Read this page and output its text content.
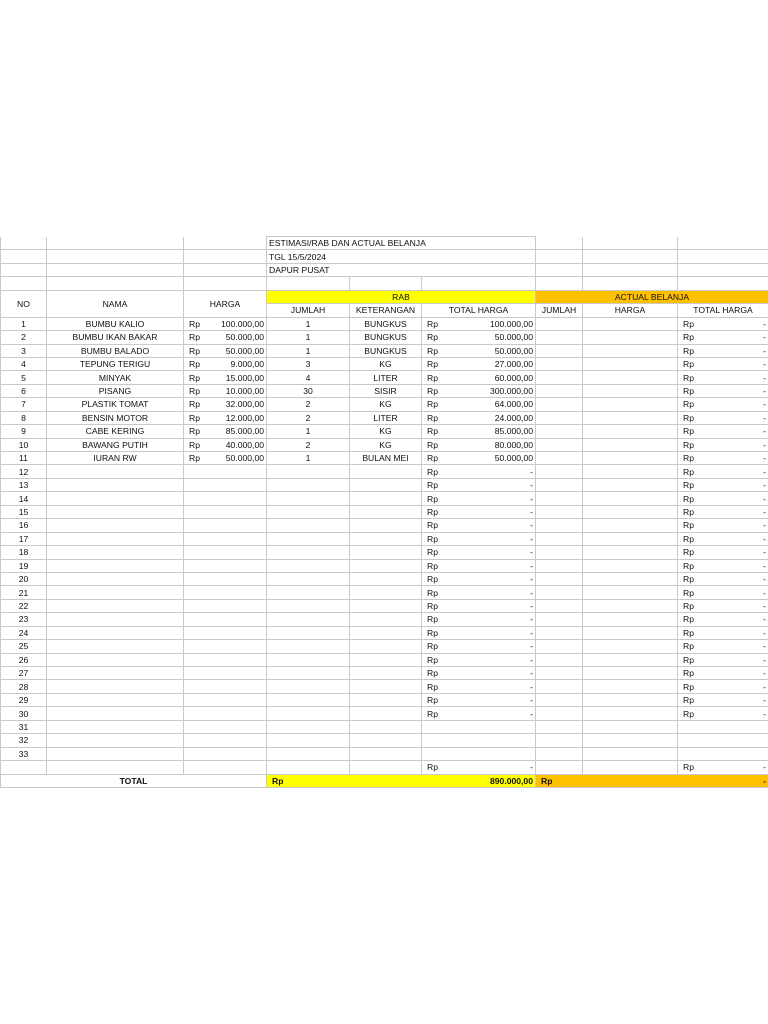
			ESTIMASI/RAB DAN ACTUAL BELANJA					
			TGL 15/5/2024					
			DAPUR PUSAT					

NO	NAMA	HARGA	RAB			ACTUAL BELANJA		
			JUMLAH	KETERANGAN	TOTAL HARGA	JUMLAH	HARGA	TOTAL HARGA
1	BUMBU KALIO	Rp 100.000,00	1	BUNGKUS	Rp 100.000,00			Rp -

2	BUMBU IKAN BAKAR	Rp 50.000,00	1	BUNGKUS	Rp 50.000,00			Rp -

3	BUMBU BALADO	Rp 50.000,00	1	BUNGKUS	Rp 50.000,00			Rp -

4	TEPUNG TERIGU	Rp 9.000,00	3	KG	Rp 27.000,00			Rp -

5	MINYAK	Rp 15.000,00	4	LITER	Rp 60.000,00			Rp -

6	PISANG	Rp 10.000,00	30	SISIR	Rp 300.000,00			Rp -

7	PLASTIK TOMAT	Rp 32.000,00	2	KG	Rp 64.000,00			Rp -

8	BENSIN MOTOR	Rp 12.000,00	2	LITER	Rp 24.000,00			Rp -

9	CABE KERING	Rp 85.000,00	1	KG	Rp 85.000,00			Rp -

10	BAWANG PUTIH	Rp 40.000,00	2	KG	Rp 80.000,00			Rp -

11	IURAN RW	Rp 50.000,00	1	BULAN MEI	Rp 50.000,00			Rp -

12					Rp -			Rp -

13					Rp -			Rp -

14					Rp -			Rp -

15					Rp -			Rp -

16					Rp -			Rp -

17					Rp -			Rp -

18					Rp -			Rp -

19					Rp -			Rp -

20					Rp -			Rp -

21					Rp -			Rp -

22					Rp -			Rp -

23					Rp -			Rp -

24					Rp -			Rp -

25					Rp -			Rp -

26					Rp -			Rp -

27					Rp -			Rp -

28					Rp -			Rp -

29					Rp -			Rp -

30					Rp -			Rp -

31								
32								
33								

					Rp -			Rp -

TOTAL			Rp 890.000,00			Rp -		
